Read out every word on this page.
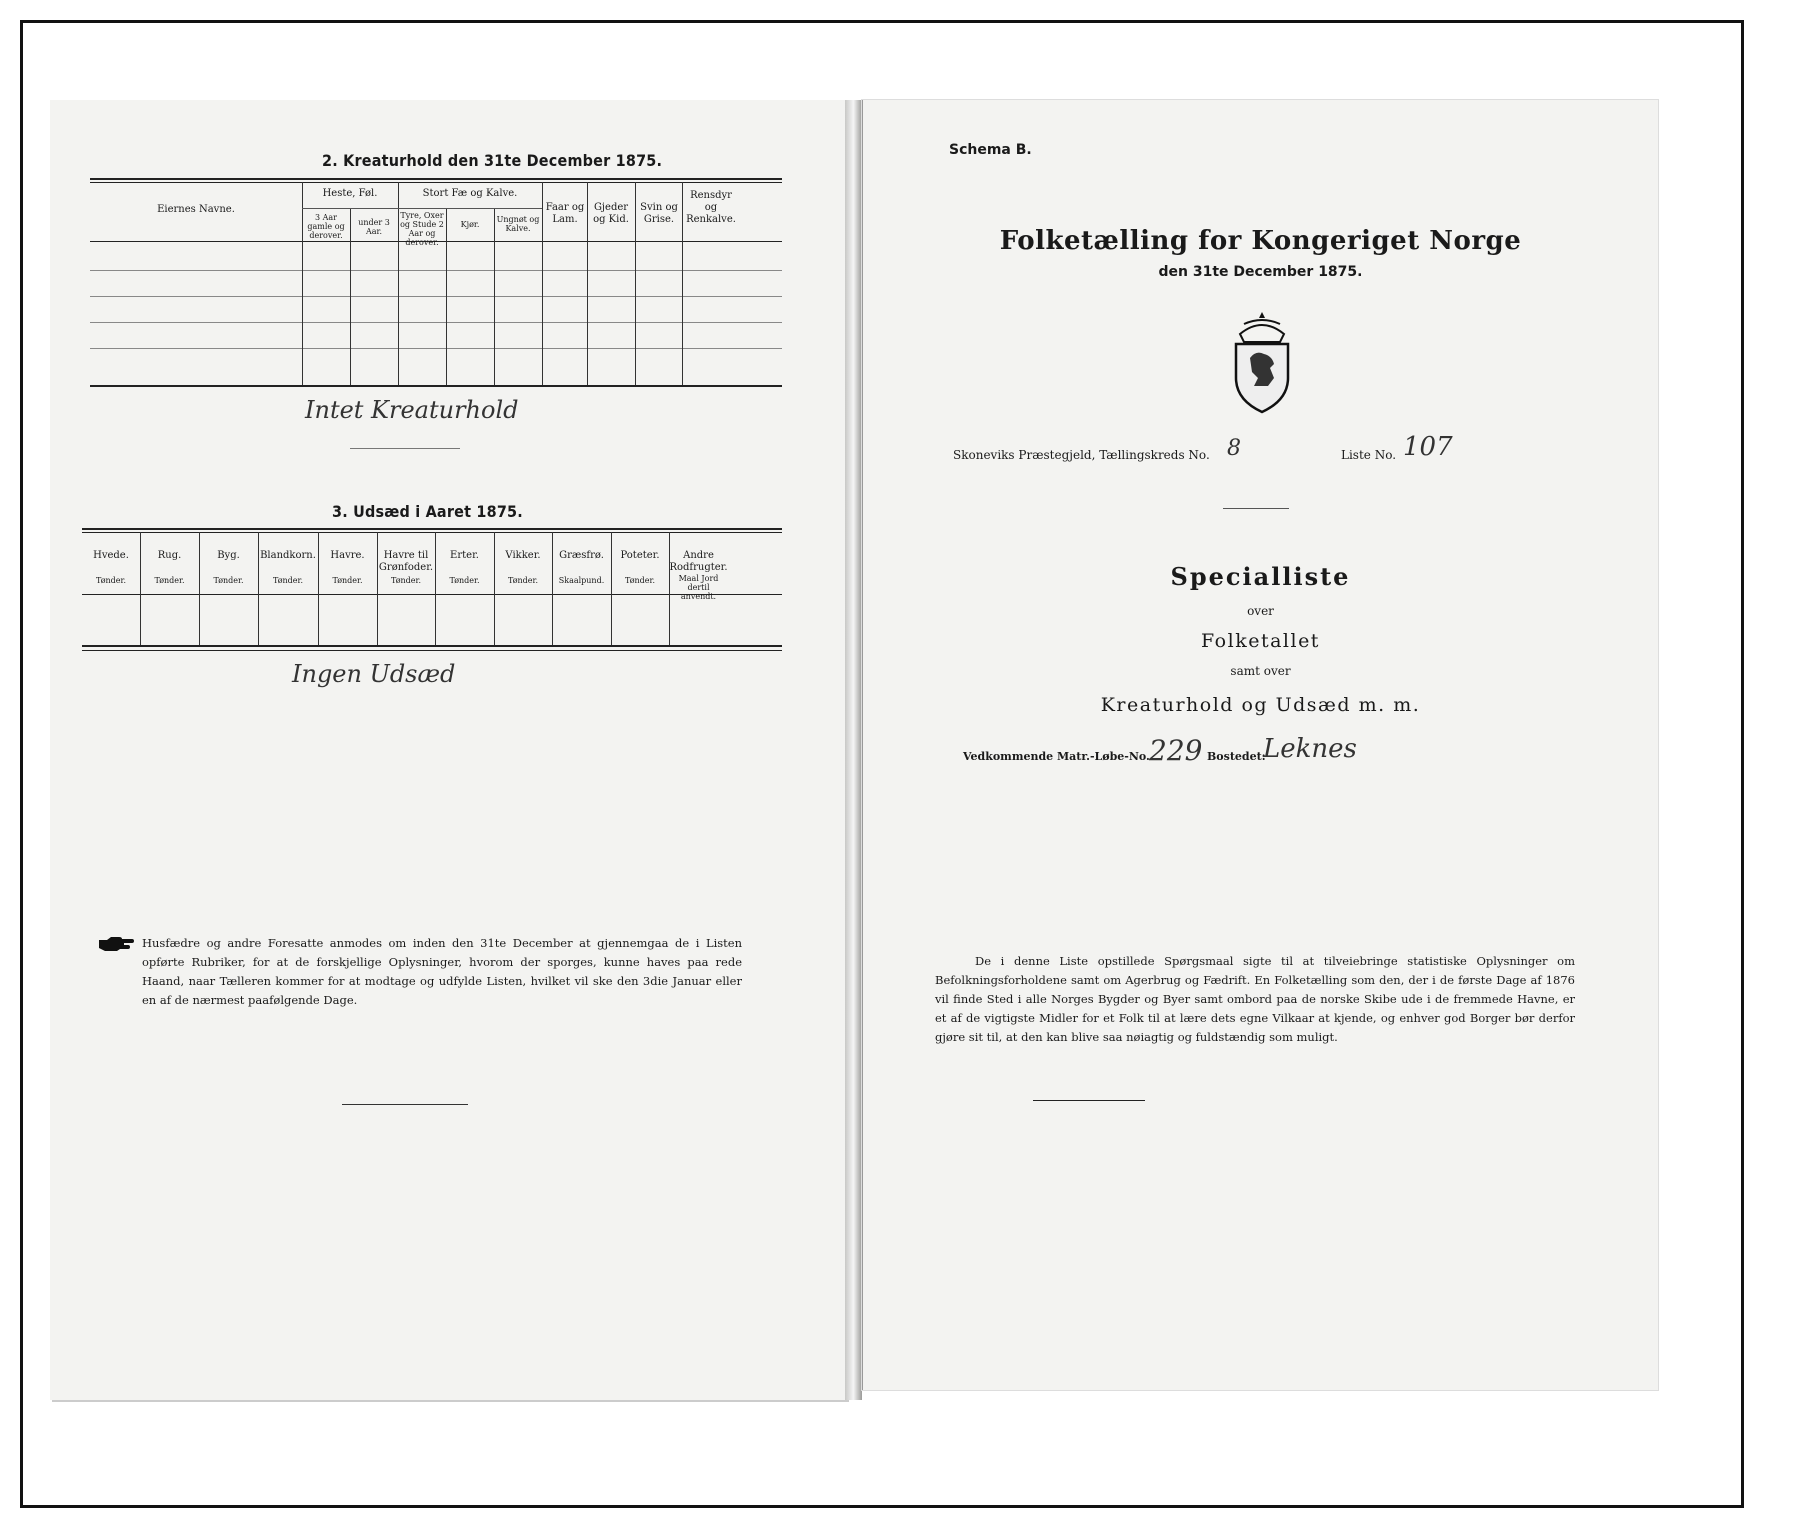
2. Kreaturhold den 31te December 1875.
Eiernes Navne.
Heste, Føl.
3 Aar gamle og derover.
under 3 Aar.
Stort Fæ og Kalve.
Tyre, Oxer og Stude 2 Aar og derover.
Kjør.
Ungnøt og Kalve.
Faar og Lam.
Gjeder og Kid.
Svin og Grise.
Rensdyr og Renkalve.
Intet Kreaturhold
3. Udsæd i Aaret 1875.
Ingen Udsæd
Husfædre og andre Foresatte anmodes om inden den 31te December at gjennemgaa de i Listen opførte Rubriker, for at de forskjellige Oplysninger, hvorom der sporges, kunne haves paa rede Haand, naar Tælleren kommer for at modtage og udfylde Listen, hvilket vil ske den 3die Januar eller en af de nærmest paafølgende Dage.
Hvede.
Tønder.
Rug.
Tønder.
Byg.
Tønder.
Blandkorn.
Tønder.
Havre.
Tønder.
Havre til Grønfoder.
Tønder.
Erter.
Tønder.
Vikker.
Tønder.
Græsfrø.
Skaalpund.
Poteter.
Tønder.
Andre Rodfrugter.
Maal Jord dertil anvendt.
Schema B.
Folketælling for Kongeriget Norge
den 31te December 1875.
Skoneviks Præstegjeld, Tællingskreds No. 8	Liste No. 107
Specialliste
over
Folketallet
samt over
Kreaturhold og Udsæd m. m.
Vedkommende Matr.-Løbe-No. 229 Bostedet:
Leknes
De i denne Liste opstillede Spørgsmaal sigte til at tilveiebringe statistiske Oplysninger om Befolkningsforholdene samt om Agerbrug og Fædrift. En Folketælling som den, der i de første Dage af 1876 vil finde Sted i alle Norges Bygder og Byer samt ombord paa de norske Skibe ude i de fremmede Havne, er et af de vigtigste Midler for et Folk til at lære dets egne Vilkaar at kjende, og enhver god Borger bør derfor gjøre sit til, at den kan blive saa nøiagtig og fuldstændig som muligt.
